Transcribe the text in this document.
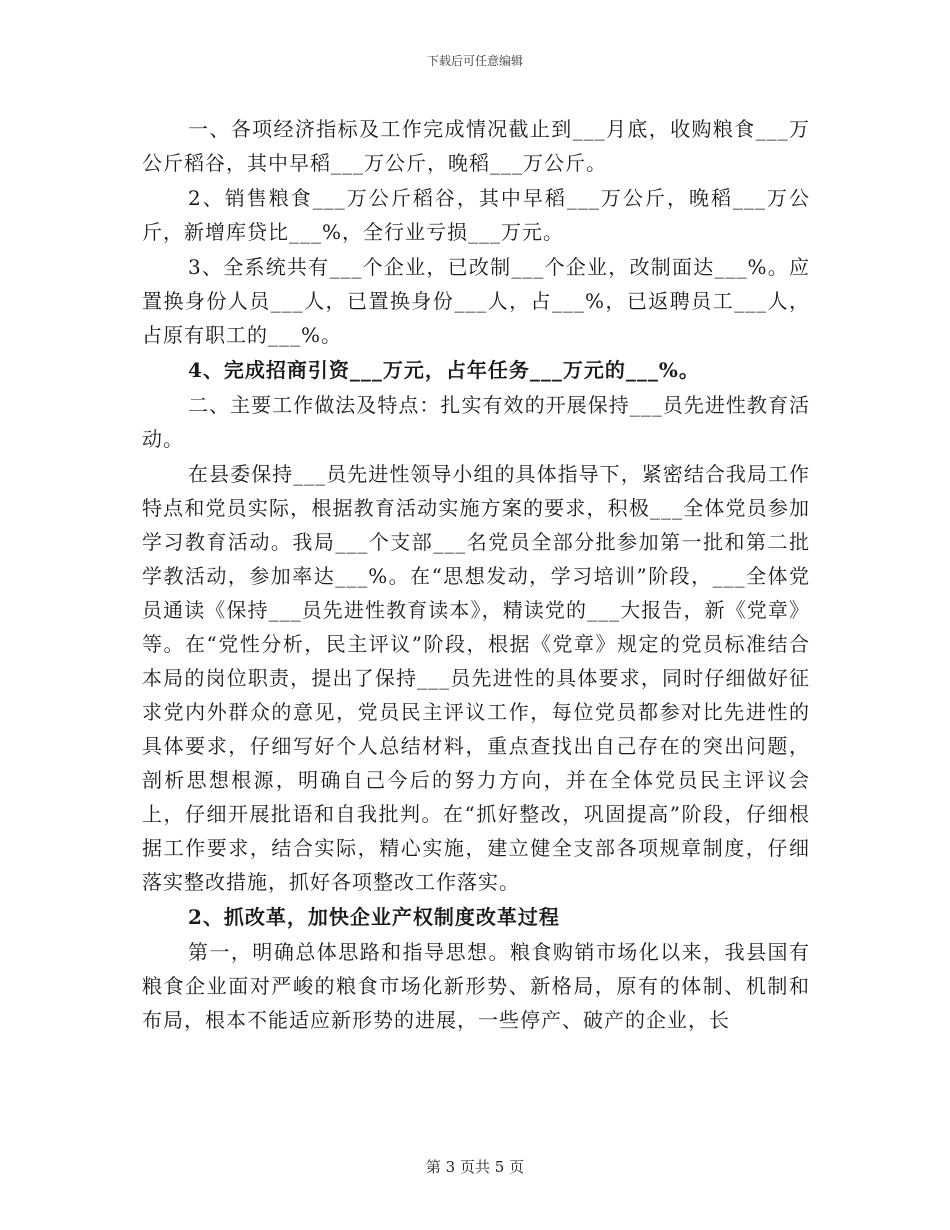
下载后可任意编辑

一、各项经济指标及工作完成情况截止到___月底，收购粮食___万公斤稻谷，其中早稻___万公斤，晚稻___万公斤。

2、销售粮食___万公斤稻谷，其中早稻___万公斤，晚稻___万公斤，新增库贷比___%，全行业亏损___万元。

3、全系统共有___个企业，已改制___个企业，改制面达___%。应置换身份人员___人，已置换身份___人，占___%，已返聘员工___人，占原有职工的___%。

4、完成招商引资___万元，占年任务___万元的___%。

二、主要工作做法及特点：扎实有效的开展保持___员先进性教育活动。

在县委保持___员先进性领导小组的具体指导下，紧密结合我局工作特点和党员实际，根据教育活动实施方案的要求，积极___全体党员参加学习教育活动。我局___个支部___名党员全部分批参加第一批和第二批学教活动，参加率达___%。在“思想发动，学习培训”阶段，___全体党员通读《保持___员先进性教育读本》，精读党的___大报告，新《党章》等。在“党性分析，民主评议”阶段，根据《党章》规定的党员标准结合本局的岗位职责，提出了保持___员先进性的具体要求，同时仔细做好征求党内外群众的意见，党员民主评议工作，每位党员都参对比先进性的具体要求，仔细写好个人总结材料，重点查找出自己存在的突出问题，剖析思想根源，明确自己今后的努力方向，并在全体党员民主评议会上，仔细开展批语和自我批判。在“抓好整改，巩固提高”阶段，仔细根据工作要求，结合实际，精心实施，建立健全支部各项规章制度，仔细落实整改措施，抓好各项整改工作落实。

2、抓改革，加快企业产权制度改革过程

第一，明确总体思路和指导思想。粮食购销市场化以来，我县国有粮食企业面对严峻的粮食市场化新形势、新格局，原有的体制、机制和布局，根本不能适应新形势的进展，一些停产、破产的企业，长

第 3 页共 5 页
